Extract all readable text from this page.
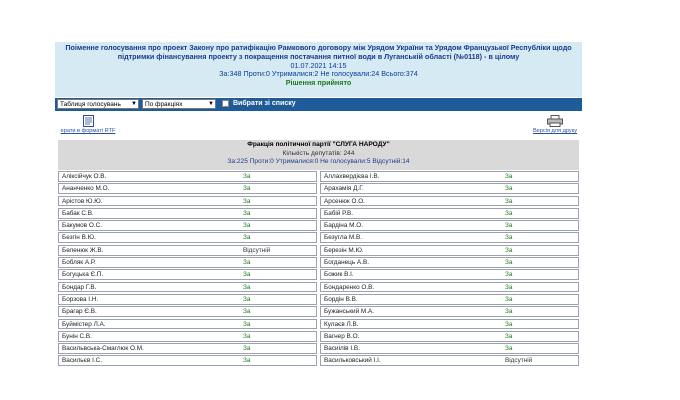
Поіменне голосування про проект Закону про ратифікацію Рамкового договору між Урядом України та Урядом Французької Республіки щодо підтримки фінансування проекту з покращення постачання питної води в Луганській області (№0118) - в цілому
01.07.2021 14:15
За:348 Проти:0 Утрималися:2 Не голосували:24 Всього:374
Рішення прийнято
Таблиця голосувань ▼	По фракціях	▼	Вибрати зі списку
ерати в форматі RTF	Версія для друку
Фракція політичної партії "СЛУГА НАРОДУ"
Кількість депутатів: 244
За:225 Проти:0 Утрималися:0 Не голосували:5 Відсутній:14
Аліксійчук О.В.	За
Ананченко М.О.	За
Арістов Ю.Ю.	За
Бабак С.В.	За
Бакумов О.С.	За
Безгін В.Ю.	За
Беленюк Ж.В.	Відсутній
Бобляк А.Р.	За
Богуцька Є.П.	За
Бондар Г.В.	За
Борзова І.Н.	За
Брагар Є.В.	За
Буймістер Л.А.	За
Бунін С.В.	За
Васильвська-Смаглюк О.М.	За
Васильєв І.С.	За
Аллахвердієва І.В.	За
Арахамія Д.Г.	За
Арсенюк О.О.	За
Бабій Р.В.	За
Бардіна М.О.	За
Безугла М.В.	За
Березін М.Ю.	За
Богданець А.В.	За
Божик В.І.	За
Бондаренко О.В.	За
Бордін В.В.	За
Бужанський М.А.	За
Кулаєв Л.В.	За
Вагнер В.О.	За
Васиілів І.В.	За
Васильковський І.І.	Відсутній
